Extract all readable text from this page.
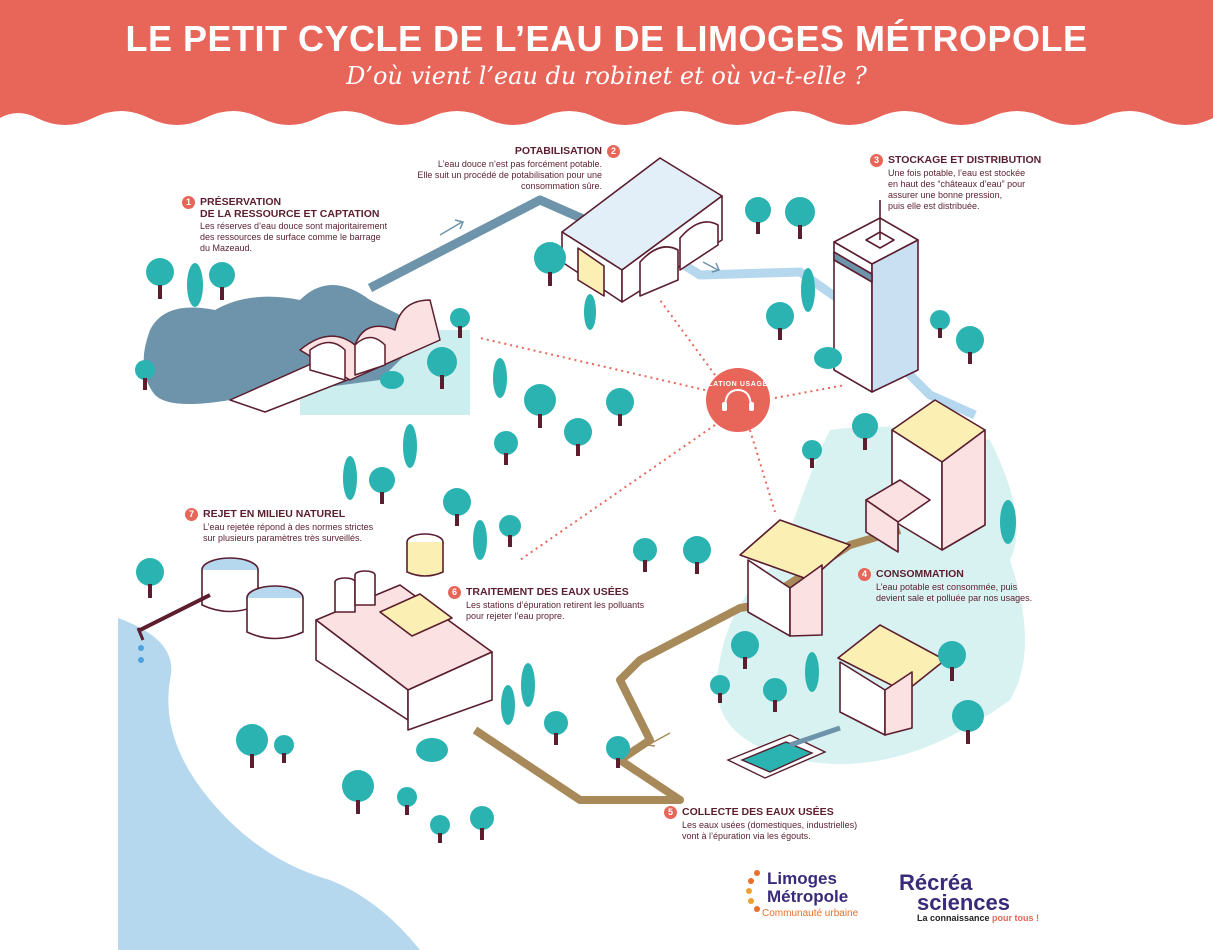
RELATION USAGERS
LE PETIT CYCLE DE L’EAU DE LIMOGES MÉTROPOLE
D’où vient l’eau du robinet et où va-t-elle ?
1 PRÉSERVATION
DE LA RESSOURCE ET CAPTATION
Les réserves d’eau douce sont majoritairement
des ressources de surface comme le barrage
du Mazeaud.
POTABILISATION 2
L’eau douce n’est pas forcément potable.
Elle suit un procédé de potabilisation pour une
consommation sûre.
3 STOCKAGE ET DISTRIBUTION
Une fois potable, l’eau est stockée
en haut des “châteaux d’eau” pour
assurer une bonne pression,
puis elle est distribuée.
4 CONSOMMATION
L’eau potable est consommée, puis
devient sale et polluée par nos usages.
5 COLLECTE DES EAUX USÉES
Les eaux usées (domestiques, industrielles)
vont à l’épuration via les égouts.
6 TRAITEMENT DES EAUX USÉES
Les stations d’épuration retirent les polluants
pour rejeter l’eau propre.
7 REJET EN MILIEU NATUREL
L’eau rejetée répond à des normes strictes
sur plusieurs paramètres très surveillés.
Limoges
Métropole
Communauté urbaine
Récréa
sciences
La connaissance pour tous !
